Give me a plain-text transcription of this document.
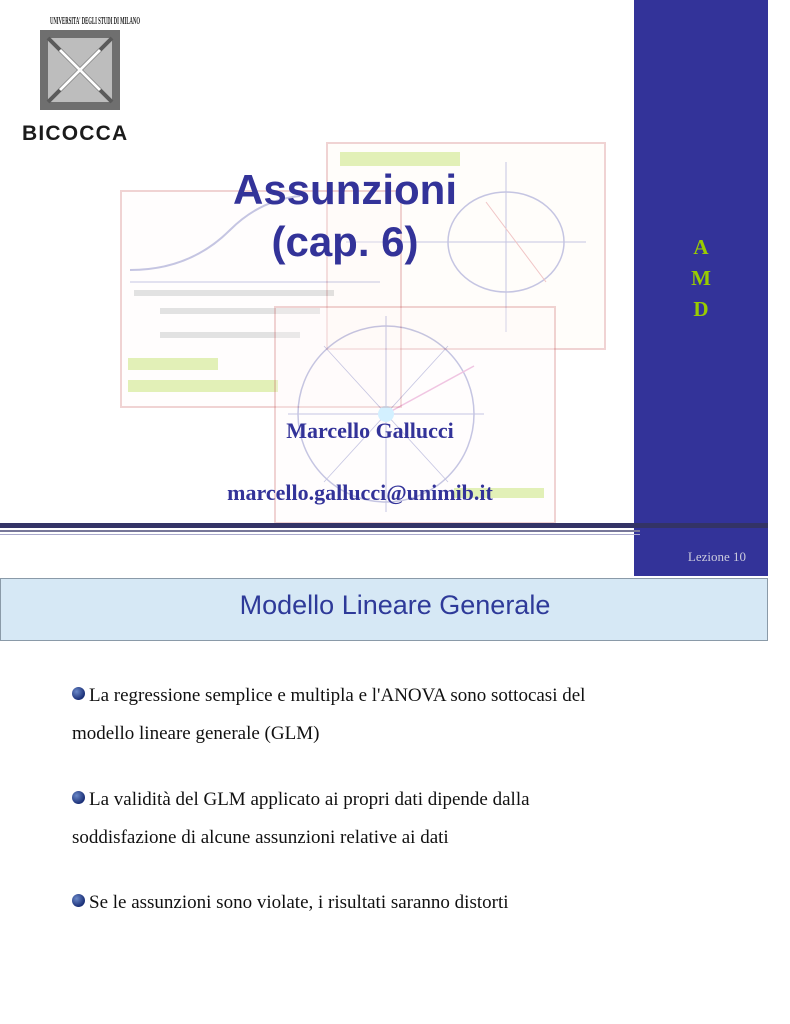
BICOCCA
UNIVERSITA' DEGLI STUDI DI MILANO
Assunzioni
(cap. 6)
Marcello Gallucci
marcello.gallucci@unimib.it
A
M
D
Lezione 10
Modello Lineare Generale
La regressione semplice e multipla e l'ANOVA sono sottocasi del
modello lineare generale (GLM)
La validità del GLM applicato ai propri dati dipende dalla
soddisfazione di alcune assunzioni relative ai dati
Se le assunzioni sono violate, i risultati saranno distorti
